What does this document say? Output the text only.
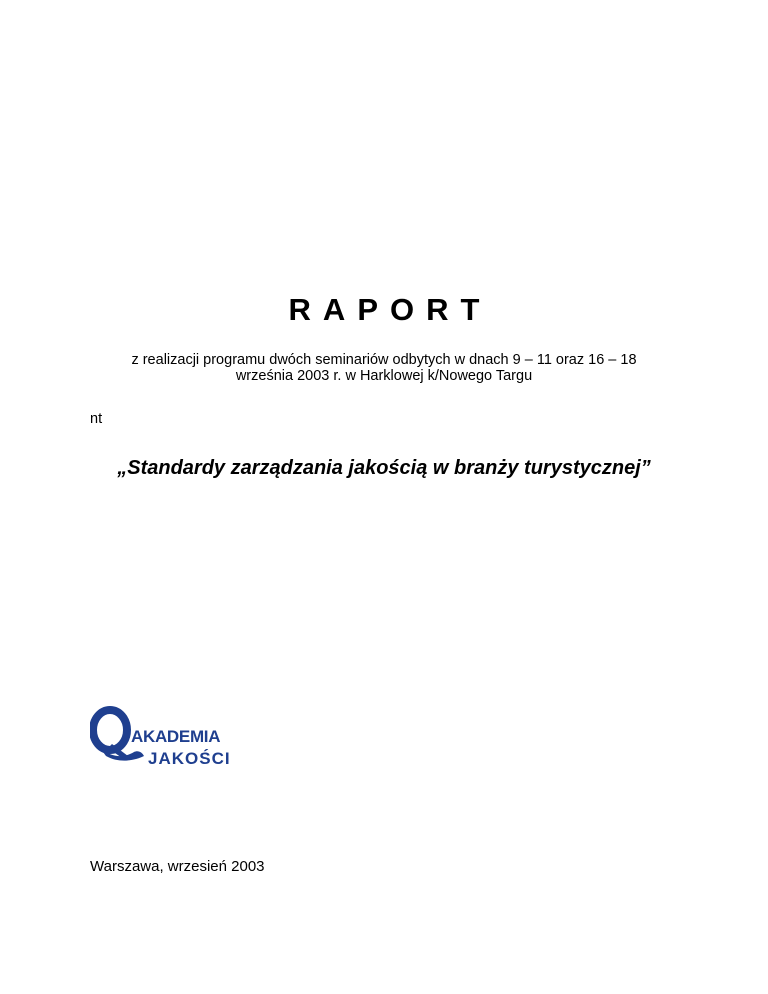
RAPORT
z realizacji programu dwóch seminariów odbytych w dnach 9 – 11 oraz 16 – 18
września 2003 r. w Harklowej k/Nowego Targu
nt
„Standardy zarządzania jakością w branży turystycznej”
AKADEMIA
JAKOŚCI
Warszawa, wrzesień 2003
